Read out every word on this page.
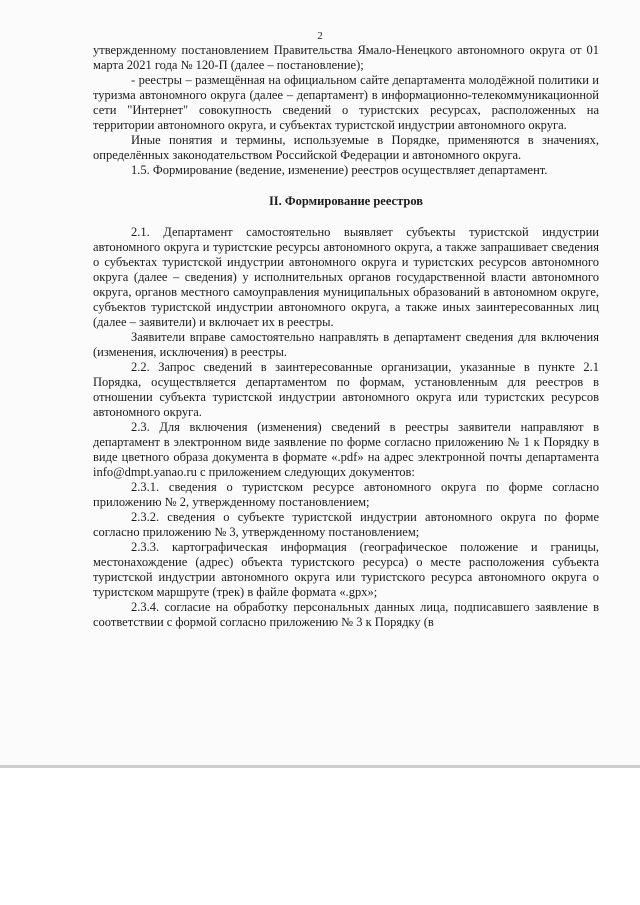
2

утвержденному постановлением Правительства Ямало-Ненецкого автономного округа от 01 марта 2021 года № 120-П (далее – постановление);

- реестры – размещённая на официальном сайте департамента молодёжной политики и туризма автономного округа (далее – департамент) в информационно-телекоммуникационной сети "Интернет" совокупность сведений о туристских ресурсах, расположенных на территории автономного округа, и субъектах туристской индустрии автономного округа.

Иные понятия и термины, используемые в Порядке, применяются в значениях, определённых законодательством Российской Федерации и автономного округа.

1.5. Формирование (ведение, изменение) реестров осуществляет департамент.

II. Формирование реестров

2.1. Департамент самостоятельно выявляет субъекты туристской индустрии автономного округа и туристские ресурсы автономного округа, а также запрашивает сведения о субъектах туристской индустрии автономного округа и туристских ресурсов автономного округа (далее – сведения) у исполнительных органов государственной власти автономного округа, органов местного самоуправления муниципальных образований в автономном округе, субъектов туристской индустрии автономного округа, а также иных заинтересованных лиц (далее – заявители) и включает их в реестры.

Заявители вправе самостоятельно направлять в департамент сведения для включения (изменения, исключения) в реестры.

2.2. Запрос сведений в заинтересованные организации, указанные в пункте 2.1 Порядка, осуществляется департаментом по формам, установленным для реестров в отношении субъекта туристской индустрии автономного округа или туристских ресурсов автономного округа.

2.3. Для включения (изменения) сведений в реестры заявители направляют в департамент в электронном виде заявление по форме согласно приложению № 1 к Порядку в виде цветного образа документа в формате «.pdf» на адрес электронной почты департамента info@dmpt.yanao.ru с приложением следующих документов:

2.3.1. сведения о туристском ресурсе автономного округа по форме согласно приложению № 2, утвержденному постановлением;

2.3.2. сведения о субъекте туристской индустрии автономного округа по форме согласно приложению № 3, утвержденному постановлением;

2.3.3. картографическая информация (географическое положение и границы, местонахождение (адрес) объекта туристского ресурса) о месте расположения субъекта туристской индустрии автономного округа или туристского ресурса автономного округа о туристском маршруте (трек) в файле формата «.gpx»;

2.3.4. согласие на обработку персональных данных лица, подписавшего заявление в соответствии с формой согласно приложению № 3 к Порядку (в
